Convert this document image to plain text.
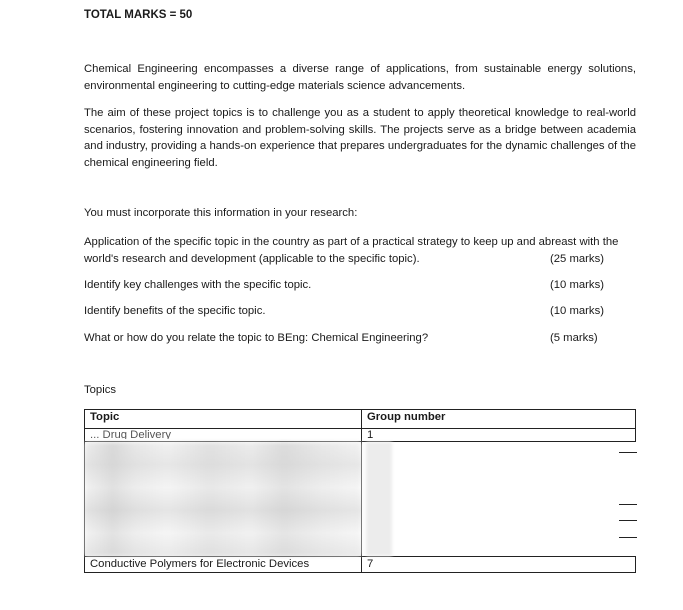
TOTAL MARKS = 50

Chemical Engineering encompasses a diverse range of applications, from sustainable energy solutions, environmental engineering to cutting-edge materials science advancements.

The aim of these project topics is to challenge you as a student to apply theoretical knowledge to real-world scenarios, fostering innovation and problem-solving skills. The projects serve as a bridge between academia and industry, providing a hands-on experience that prepares undergraduates for the dynamic challenges of the chemical engineering field.

You must incorporate this information in your research:
Application of the specific topic in the country as part of a practical strategy to keep up and abreast with the world's research and development (applicable to the specific topic).	(25 marks)
Identify key challenges with the specific topic.	(10 marks)
Identify benefits of the specific topic.	(10 marks)
What or how do you relate the topic to BEng: Chemical Engineering?	(5 marks)
Topics
Topic	Group number

... Drug Delivery	1

Conductive Polymers for Electronic Devices	7
